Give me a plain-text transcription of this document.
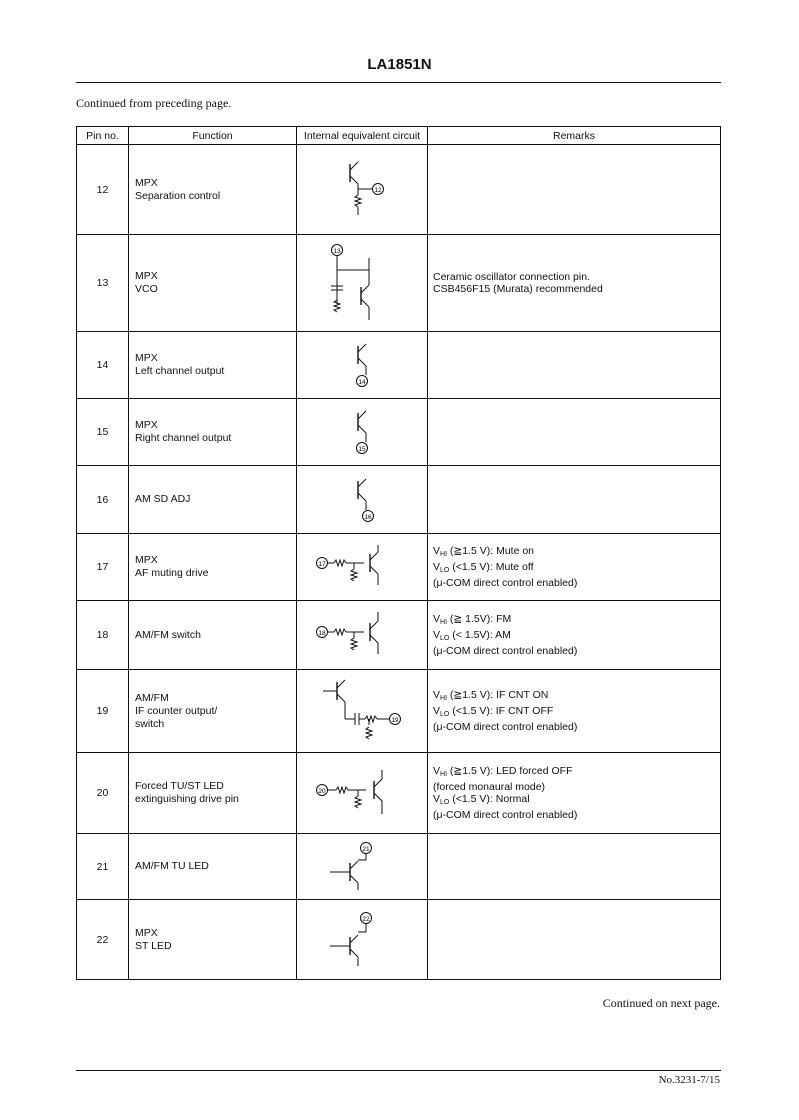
LA1851N
Continued from preceding page.
Pin no.	Function	Internal equivalent circuit	Remarks
12	MPX
Separation control	12	

13	MPX
VCO	13	Ceramic oscillator connection pin.
CSB456F15 (Murata) recommended

14	MPX
Left channel output	14	

15	MPX
Right channel output	15	

16	AM SD ADJ	16	

17	MPX
AF muting drive	17	$V_{HI}$ (≧1.5 V): Mute on
$V_{LO}$ (<1.5 V): Mute off
(μ-COM direct control enabled)

18	AM/FM switch	18	$V_{HI}$ (≧ 1.5V): FM
$V_{LO}$ (< 1.5V): AM
(μ-COM direct control enabled)

19	AM/FM
IF counter output/
switch	19	$V_{HI}$ (≧1.5 V): IF CNT ON
$V_{LO}$ (<1.5 V): IF CNT OFF
(μ-COM direct control enabled)

20	Forced TU/ST LED
extinguishing drive pin	20	$V_{HI}$ (≧1.5 V): LED forced OFF
(forced monaural mode)
$V_{LO}$ (<1.5 V): Normal
(μ-COM direct control enabled)

21	AM/FM TU LED	21	

22	MPX
ST LED	22	

Continued on next page.
No.3231-7/15
